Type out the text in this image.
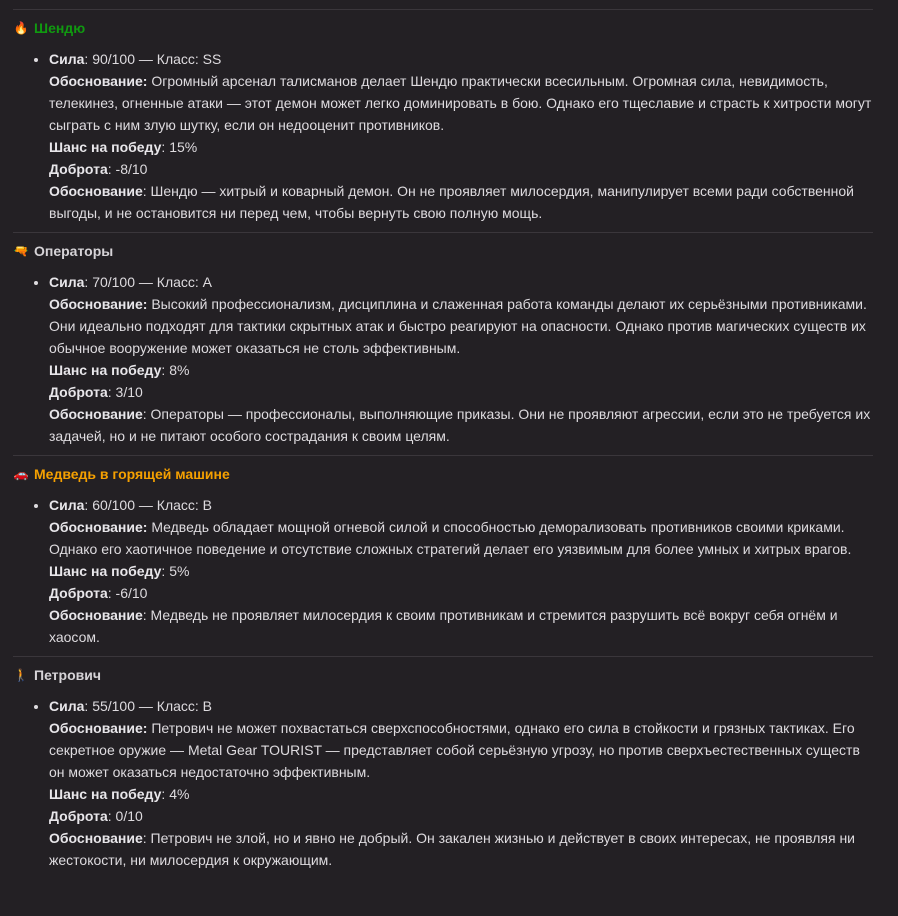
🔥 Шендю
• Сила: 90/100 — Класс: SS
Обоснование: Огромный арсенал талисманов делает Шендю практически всесильным. Огромная сила, невидимость, телекинез, огненные атаки — этот демон может легко доминировать в бою. Однако его тщеславие и страсть к хитрости могут сыграть с ним злую шутку, если он недооценит противников.
Шанс на победу: 15%
Доброта: -8/10
Обоснование: Шендю — хитрый и коварный демон. Он не проявляет милосердия, манипулирует всеми ради собственной выгоды, и не остановится ни перед чем, чтобы вернуть свою полную мощь.
🔫 Операторы
• Сила: 70/100 — Класс: A
Обоснование: Высокий профессионализм, дисциплина и слаженная работа команды делают их серьёзными противниками. Они идеально подходят для тактики скрытных атак и быстро реагируют на опасности. Однако против магических существ их обычное вооружение может оказаться не столь эффективным.
Шанс на победу: 8%
Доброта: 3/10
Обоснование: Операторы — профессионалы, выполняющие приказы. Они не проявляют агрессии, если это не требуется их задачей, но и не питают особого сострадания к своим целям.
🚗 Медведь в горящей машине
• Сила: 60/100 — Класс: B
Обоснование: Медведь обладает мощной огневой силой и способностью деморализовать противников своими криками. Однако его хаотичное поведение и отсутствие сложных стратегий делает его уязвимым для более умных и хитрых врагов.
Шанс на победу: 5%
Доброта: -6/10
Обоснование: Медведь не проявляет милосердия к своим противникам и стремится разрушить всё вокруг себя огнём и хаосом.
🚶 Петрович
• Сила: 55/100 — Класс: B
Обоснование: Петрович не может похвастаться сверхспособностями, однако его сила в стойкости и грязных тактиках. Его секретное оружие — Metal Gear TOURIST — представляет собой серьёзную угрозу, но против сверхъестественных существ он может оказаться недостаточно эффективным.
Шанс на победу: 4%
Доброта: 0/10
Обоснование: Петрович не злой, но и явно не добрый. Он закален жизнью и действует в своих интересах, не проявляя ни жестокости, ни милосердия к окружающим.
